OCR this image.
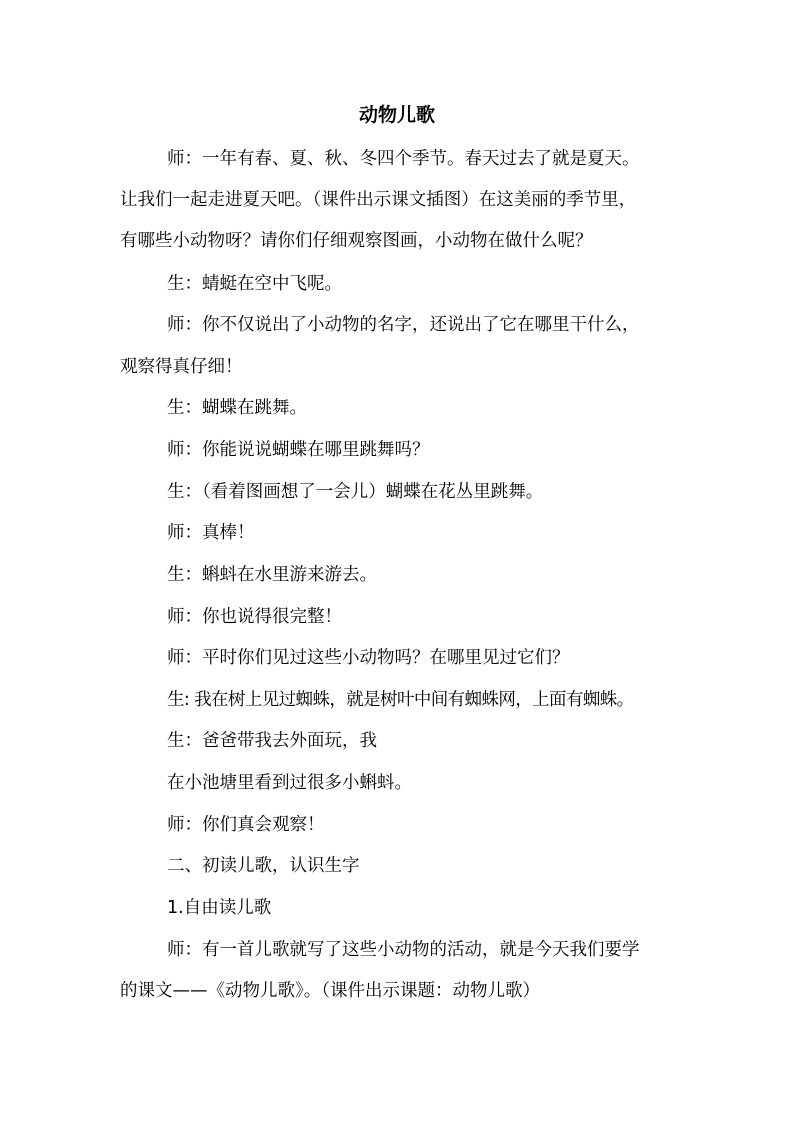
动物儿歌
师：一年有春、夏、秋、冬四个季节。春天过去了就是夏天。
让我们一起走进夏天吧。（课件出示课文插图）在这美丽的季节里，
有哪些小动物呀？请你们仔细观察图画，小动物在做什么呢？
生：蜻蜓在空中飞呢。
师：你不仅说出了小动物的名字，还说出了它在哪里干什么，
观察得真仔细！
生：蝴蝶在跳舞。
师：你能说说蝴蝶在哪里跳舞吗？
生：（看着图画想了一会儿）蝴蝶在花丛里跳舞。
师：真棒！
生：蝌蚪在水里游来游去。
师：你也说得很完整！
师：平时你们见过这些小动物吗？在哪里见过它们？
生: 我在树上见过蜘蛛，就是树叶中间有蜘蛛网，上面有蜘蛛。
生：爸爸带我去外面玩，我
在小池塘里看到过很多小蝌蚪。
师：你们真会观察！
二、初读儿歌，认识生字
1.自由读儿歌
师：有一首儿歌就写了这些小动物的活动，就是今天我们要学
的课文——《动物儿歌》。（课件出示课题：动物儿歌）
